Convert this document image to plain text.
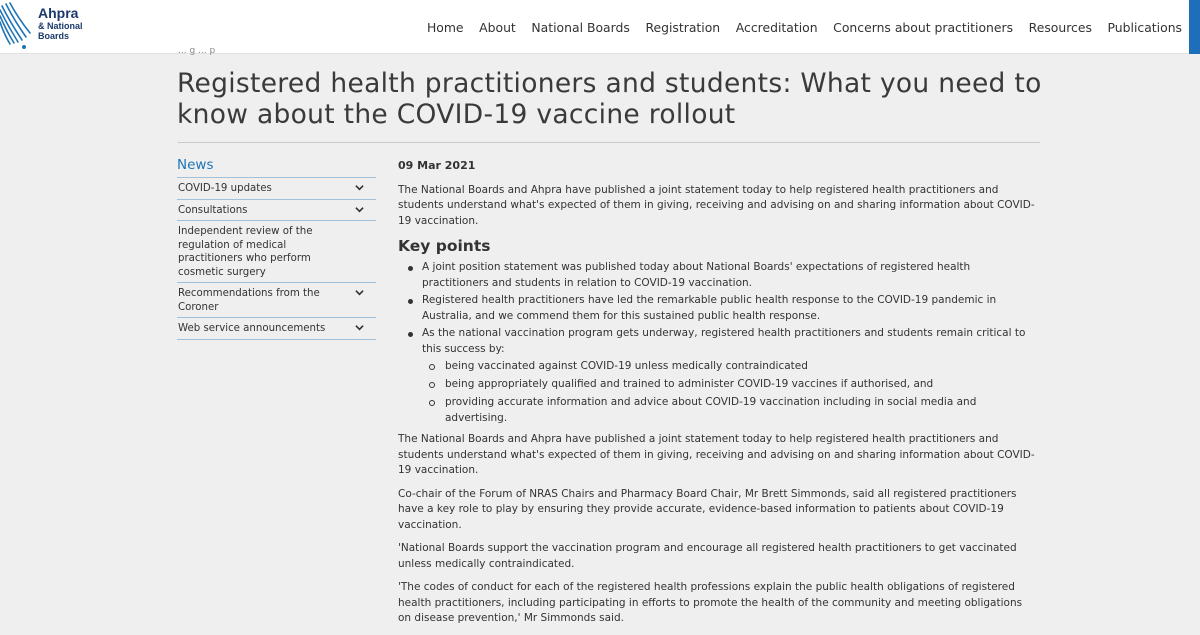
Ahpra
& National
Boards
Home About National Boards Registration Accreditation Concerns about practitioners Resources Publications
... g ... p
Registered health practitioners and students: What you need to know about the COVID-19 vaccine rollout
News
COVID-19 updates
Consultations
Independent review of the regulation of medical practitioners who perform cosmetic surgery
Recommendations from the Coroner
Web service announcements
09 Mar 2021

The National Boards and Ahpra have published a joint statement today to help registered health practitioners and students understand what's expected of them in giving, receiving and advising on and sharing information about COVID-19 vaccination.

Key points
A joint position statement was published today about National Boards' expectations of registered health practitioners and students in relation to COVID-19 vaccination.
Registered health practitioners have led the remarkable public health response to the COVID-19 pandemic in Australia, and we commend them for this sustained public health response.
As the national vaccination program gets underway, registered health practitioners and students remain critical to this success by:
being vaccinated against COVID-19 unless medically contraindicated
being appropriately qualified and trained to administer COVID-19 vaccines if authorised, and
providing accurate information and advice about COVID-19 vaccination including in social media and advertising.

The National Boards and Ahpra have published a joint statement today to help registered health practitioners and students understand what's expected of them in giving, receiving and advising on and sharing information about COVID-19 vaccination.

Co-chair of the Forum of NRAS Chairs and Pharmacy Board Chair, Mr Brett Simmonds, said all registered practitioners have a key role to play by ensuring they provide accurate, evidence-based information to patients about COVID-19 vaccination.

'National Boards support the vaccination program and encourage all registered health practitioners to get vaccinated unless medically contraindicated.

'The codes of conduct for each of the registered health professions explain the public health obligations of registered health practitioners, including participating in efforts to promote the health of the community and meeting obligations on disease prevention,' Mr Simmonds said.
